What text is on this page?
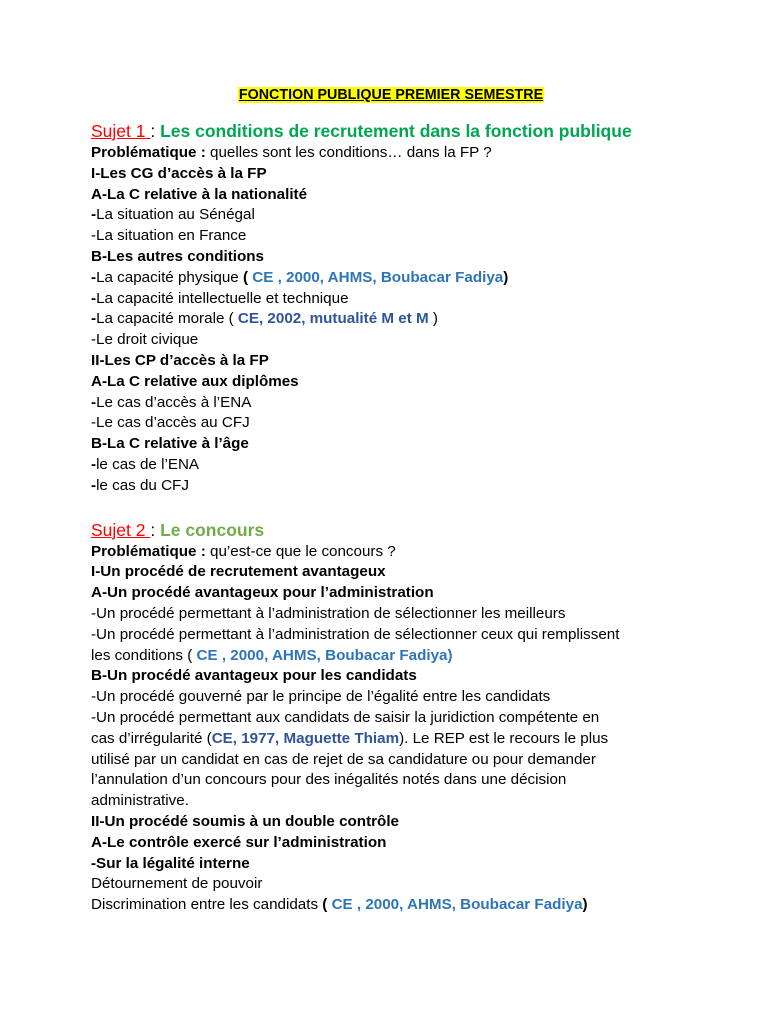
FONCTION PUBLIQUE PREMIER SEMESTRE
Sujet 1 : Les conditions de recrutement dans la fonction publique
Problématique : quelles sont les conditions… dans la FP ?
I-Les CG d’accès à la FP
A-La C relative à la nationalité
-La situation au Sénégal
-La situation en France
B-Les autres conditions
-La capacité physique ( CE , 2000, AHMS, Boubacar Fadiya)
-La capacité intellectuelle et technique
-La capacité morale ( CE, 2002, mutualité M et M )
-Le droit civique
II-Les CP d’accès à la FP
A-La C relative aux diplômes
-Le cas d’accès à l’ENA
-Le cas d’accès au CFJ
B-La C relative à l’âge
-le cas de l’ENA
-le cas du CFJ
Sujet 2 : Le concours
Problématique : qu’est-ce que le concours ?
I-Un procédé de recrutement avantageux
A-Un procédé avantageux pour l’administration
-Un procédé permettant à l’administration de sélectionner les meilleurs
-Un procédé permettant à l’administration de sélectionner ceux qui remplissent
les conditions ( CE , 2000, AHMS, Boubacar Fadiya)
B-Un procédé avantageux pour les candidats
-Un procédé gouverné par le principe de l’égalité entre les candidats
-Un procédé permettant aux candidats de saisir la juridiction compétente en
cas d’irrégularité (CE, 1977, Maguette Thiam). Le REP est le recours le plus
utilisé par un candidat en cas de rejet de sa candidature ou pour demander
l’annulation d’un concours pour des inégalités notés dans une décision
administrative.
II-Un procédé soumis à un double contrôle
A-Le contrôle exercé sur l’administration
-Sur la légalité interne
Détournement de pouvoir
Discrimination entre les candidats ( CE , 2000, AHMS, Boubacar Fadiya)
